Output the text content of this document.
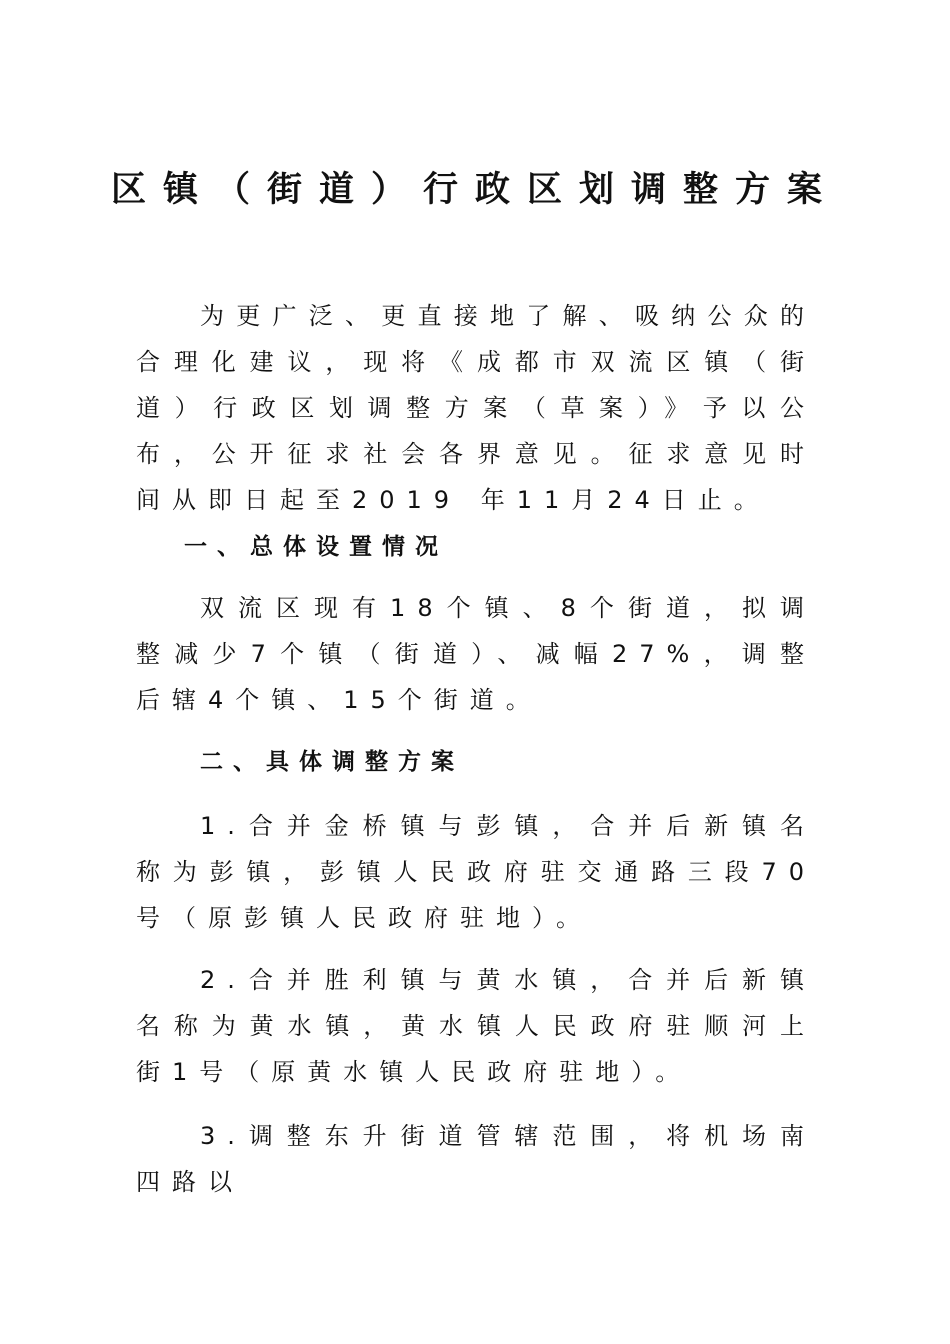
区镇（街道）行政区划调整方案

为更广泛、更直接地了解、吸纳公众的合理化建议，现将《成都市双流区镇（街道）行政区划调整方案（草案）》予以公布，公开征求社会各界意见。征求意见时间从即日起至2019 年11月24日止。

一、总体设置情况

双流区现有18个镇、8个街道，拟调整减少7个镇（街道）、减幅27%，调整后辖4个镇、15个街道。

二、具体调整方案

1.合并金桥镇与彭镇，合并后新镇名称为彭镇，彭镇人民政府驻交通路三段70号（原彭镇人民政府驻地）。

2.合并胜利镇与黄水镇，合并后新镇名称为黄水镇，黄水镇人民政府驻顺河上街1号（原黄水镇人民政府驻地）。

3.调整东升街道管辖范围，将机场南四路以
